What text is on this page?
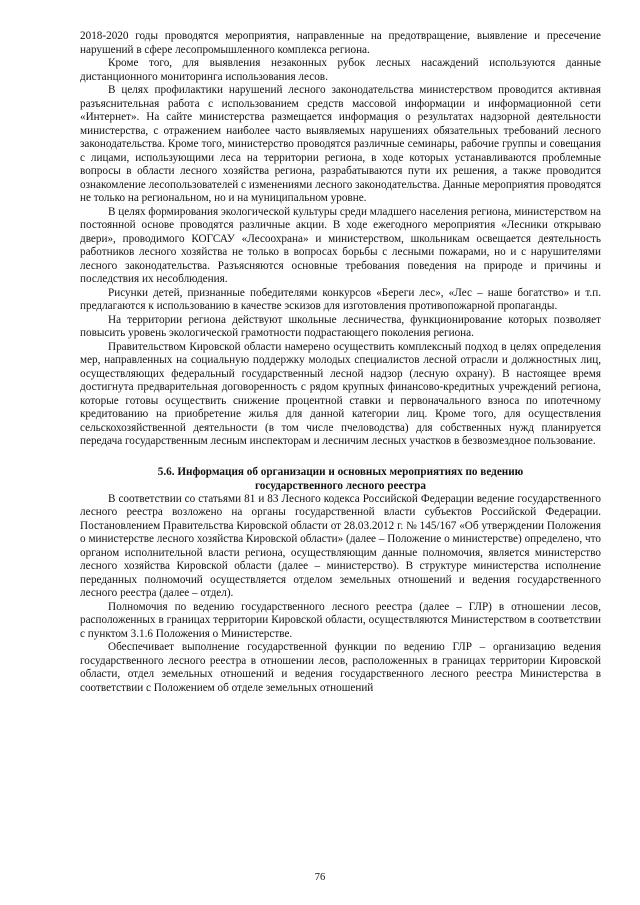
2018-2020 годы проводятся мероприятия, направленные на предотвращение, выявление и пресечение нарушений в сфере лесопромышленного комплекса региона.

Кроме того, для выявления незаконных рубок лесных насаждений используются данные дистанционного мониторинга использования лесов.

В целях профилактики нарушений лесного законодательства министерством проводится активная разъяснительная работа с использованием средств массовой информации и информационной сети «Интернет». На сайте министерства размещается информация о результатах надзорной деятельности министерства, с отражением наиболее часто выявляемых нарушениях обязательных требований лесного законодательства. Кроме того, министерство проводятся различные семинары, рабочие группы и совещания с лицами, использующими леса на территории региона, в ходе которых устанавливаются проблемные вопросы в области лесного хозяйства региона, разрабатываются пути их решения, а также проводится ознакомление лесопользователей с изменениями лесного законодательства. Данные мероприятия проводятся не только на региональном, но и на муниципальном уровне.

В целях формирования экологической культуры среди младшего населения региона, министерством на постоянной основе проводятся различные акции. В ходе ежегодного мероприятия «Лесники открываю двери», проводимого КОГСАУ «Лесоохрана» и министерством, школьникам освещается деятельность работников лесного хозяйства не только в вопросах борьбы с лесными пожарами, но и с нарушителями лесного законодательства. Разъясняются основные требования поведения на природе и причины и последствия их несоблюдения.

Рисунки детей, признанные победителями конкурсов «Береги лес», «Лес – наше богатство» и т.п. предлагаются к использованию в качестве эскизов для изготовления противопожарной пропаганды.

На территории региона действуют школьные лесничества, функционирование которых позволяет повысить уровень экологической грамотности подрастающего поколения региона.

Правительством Кировской области намерено осуществить комплексный подход в целях определения мер, направленных на социальную поддержку молодых специалистов лесной отрасли и должностных лиц, осуществляющих федеральный государственный лесной надзор (лесную охрану). В настоящее время достигнута предварительная договоренность с рядом крупных финансово-кредитных учреждений региона, которые готовы осуществить снижение процентной ставки и первоначального взноса по ипотечному кредитованию на приобретение жилья для данной категории лиц. Кроме того, для осуществления сельскохозяйственной деятельности (в том числе пчеловодства) для собственных нужд планируется передача государственным лесным инспекторам и лесничим лесных участков в безвозмездное пользование.

5.6. Информация об организации и основных мероприятиях по ведению
государственного лесного реестра

В соответствии со статьями 81 и 83 Лесного кодекса Российской Федерации ведение государственного лесного реестра возложено на органы государственной власти субъектов Российской Федерации. Постановлением Правительства Кировской области от 28.03.2012 г. № 145/167 «Об утверждении Положения о министерстве лесного хозяйства Кировской области» (далее – Положение о министерстве) определено, что органом исполнительной власти региона, осуществляющим данные полномочия, является министерство лесного хозяйства Кировской области (далее – министерство). В структуре министерства исполнение переданных полномочий осуществляется отделом земельных отношений и ведения государственного лесного реестра (далее – отдел).

Полномочия по ведению государственного лесного реестра (далее – ГЛР) в отношении лесов, расположенных в границах территории Кировской области, осуществляются Министерством в соответствии с пунктом 3.1.6 Положения о Министерстве.

Обеспечивает выполнение государственной функции по ведению ГЛР – организацию ведения государственного лесного реестра в отношении лесов, расположенных в границах территории Кировской области, отдел земельных отношений и ведения государственного лесного реестра Министерства в соответствии с Положением об отделе земельных отношений

76
